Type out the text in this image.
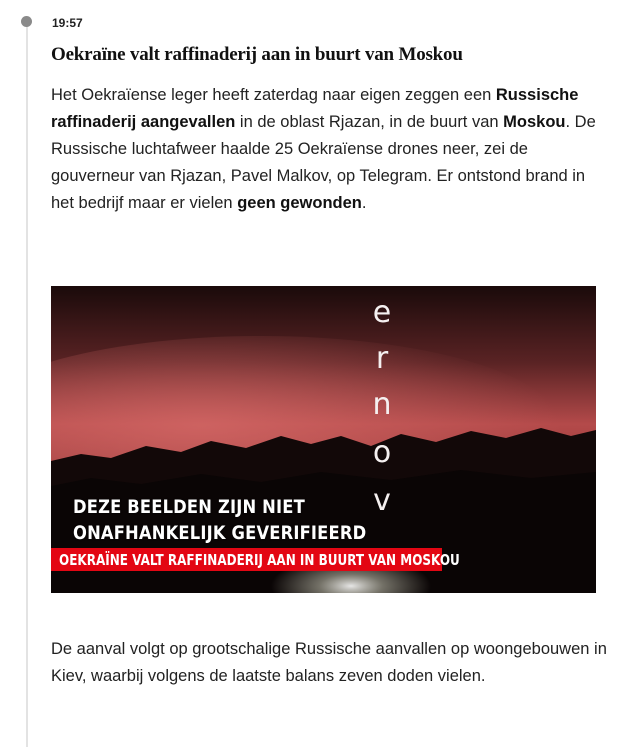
19:57
Oekraïne valt raffinaderij aan in buurt van Moskou

Het Oekraïense leger heeft zaterdag naar eigen zeggen een Russische raffinaderij aangevallen in de oblast Rjazan, in de buurt van Moskou. De Russische luchtafweer haalde 25 Oekraïense drones neer, zei de gouverneur van Rjazan, Pavel Malkov, op Telegram. Er ontstond brand in het bedrijf maar er vielen geen gewonden.

e
r
n
o
v
DEZE BEELDEN ZIJN NIET
ONAFHANKELIJK GEVERIFIEERD
OEKRAÏNE VALT RAFFINADERIJ AAN IN BUURT VAN MOSKOU

De aanval volgt op grootschalige Russische aanvallen op woongebouwen in Kiev, waarbij volgens de laatste balans zeven doden vielen.
